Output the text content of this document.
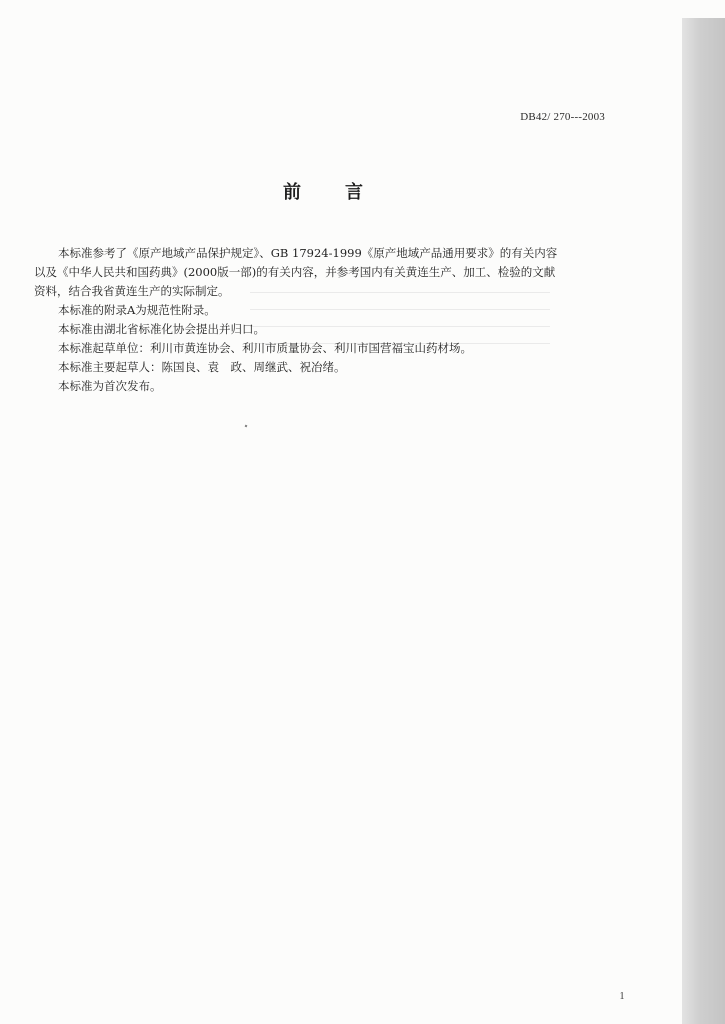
DB42/ 270---2003
前 言
本标准参考了《原产地域产品保护规定》、GB 17924-1999《原产地域产品通用要求》的有关内容
以及《中华人民共和国药典》(2000版一部)的有关内容，并参考国内有关黄连生产、加工、检验的文献
资料，结合我省黄连生产的实际制定。

本标准的附录A为规范性附录。

本标准由湖北省标准化协会提出并归口。

本标准起草单位：利川市黄连协会、利川市质量协会、利川市国营福宝山药材场。

本标准主要起草人：陈国良、袁　政、周继武、祝冶绪。

本标准为首次发布。

1
